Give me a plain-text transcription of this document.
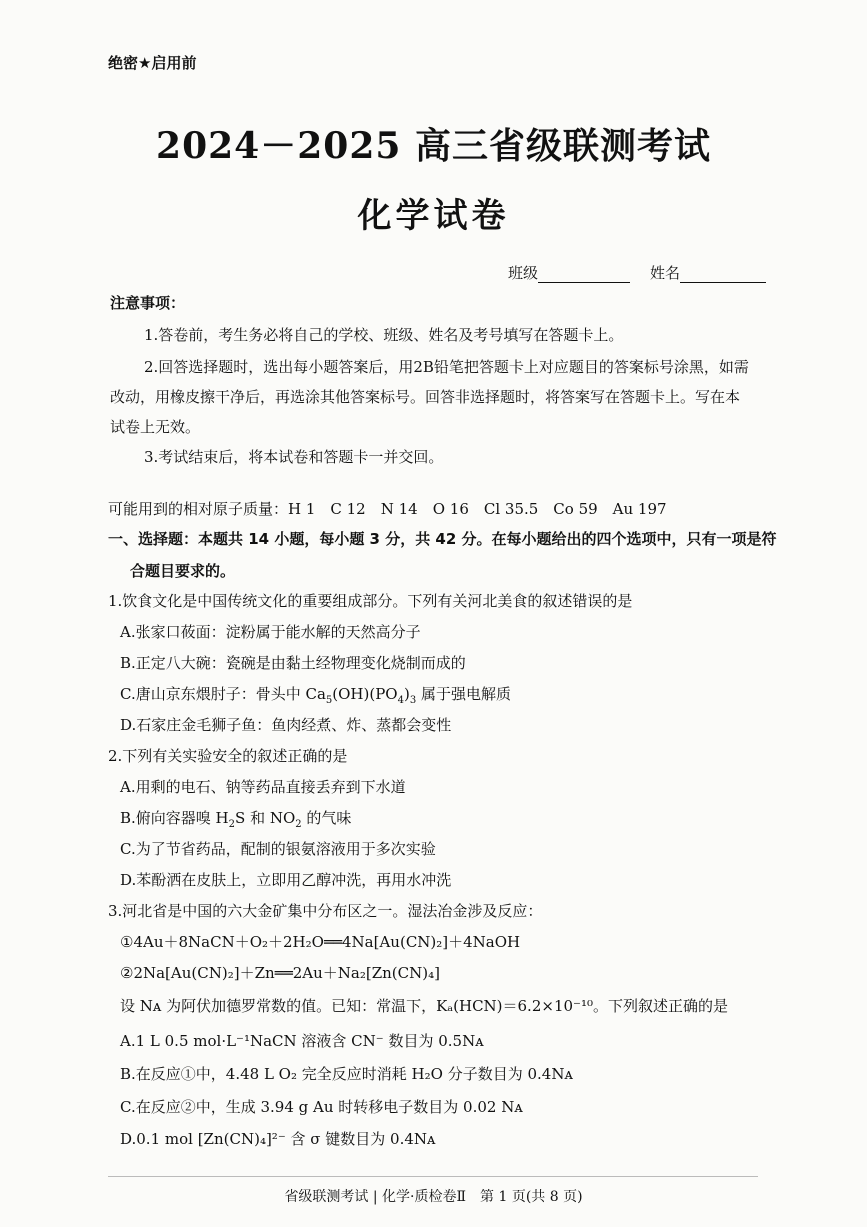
绝密★启用前
2024－2025 高三省级联测考试
化学试卷
班级	姓名
注意事项：
1.答卷前，考生务必将自己的学校、班级、姓名及考号填写在答题卡上。
2.回答选择题时，选出每小题答案后，用2B铅笔把答题卡上对应题目的答案标号涂黑，如需
改动，用橡皮擦干净后，再选涂其他答案标号。回答非选择题时，将答案写在答题卡上。写在本
试卷上无效。
3.考试结束后，将本试卷和答题卡一并交回。
可能用到的相对原子质量：H 1　C 12　N 14　O 16　Cl 35.5　Co 59　Au 197
一、选择题：本题共 14 小题，每小题 3 分，共 42 分。在每小题给出的四个选项中，只有一项是符
合题目要求的。
1.饮食文化是中国传统文化的重要组成部分。下列有关河北美食的叙述错误的是
A.张家口莜面：淀粉属于能水解的天然高分子
B.正定八大碗：瓷碗是由黏土经物理变化烧制而成的
C.唐山京东煨肘子：骨头中 $Ca_5(OH)(PO_4)_3$ 属于强电解质
D.石家庄金毛狮子鱼：鱼肉经煮、炸、蒸都会变性
2.下列有关实验安全的叙述正确的是
A.用剩的电石、钠等药品直接丢弃到下水道
B.俯向容器嗅 $H_2S$ 和 $NO_2$ 的气味
C.为了节省药品，配制的银氨溶液用于多次实验
D.苯酚洒在皮肤上，立即用乙醇冲洗，再用水冲洗
3.河北省是中国的六大金矿集中分布区之一。湿法冶金涉及反应：
①4Au＋8NaCN＋O₂＋2H₂O══4Na[Au(CN)₂]＋4NaOH
②2Na[Au(CN)₂]＋Zn══2Au＋Na₂[Zn(CN)₄]
设 Nᴀ 为阿伏加德罗常数的值。已知：常温下，Kₐ(HCN)＝6.2×10⁻¹⁰。下列叙述正确的是
A.1 L 0.5 mol·L⁻¹NaCN 溶液含 CN⁻ 数目为 0.5Nᴀ
B.在反应①中，4.48 L O₂ 完全反应时消耗 H₂O 分子数目为 0.4Nᴀ
C.在反应②中，生成 3.94 g Au 时转移电子数目为 0.02 Nᴀ
D.0.1 mol [Zn(CN)₄]²⁻ 含 σ 键数目为 0.4Nᴀ
省级联测考试 | 化学·质检卷Ⅱ　第 1 页(共 8 页)
